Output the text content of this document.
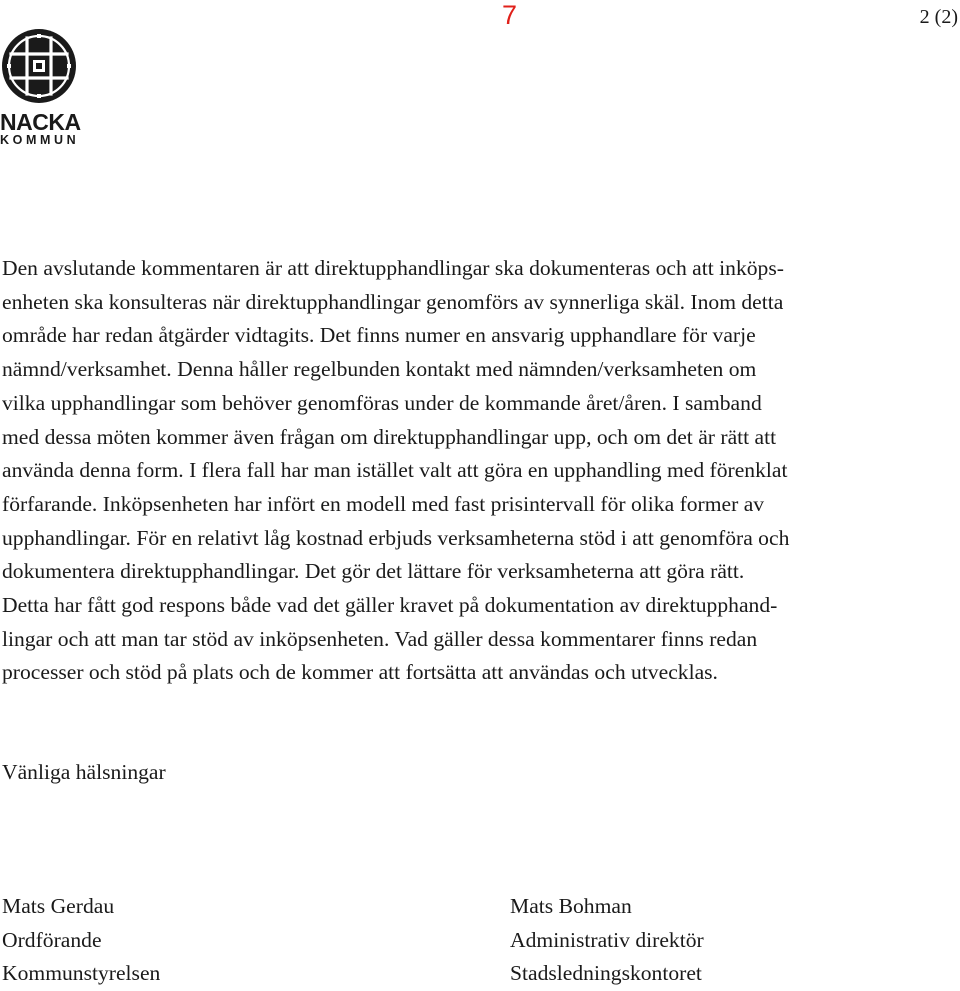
7	2 (2)
NACKA
KOMMUN

Den avslutande kommentaren är att direktupphandlingar ska dokumenteras och att inköps-
enheten ska konsulteras när direktupphandlingar genomförs av synnerliga skäl. Inom detta
område har redan åtgärder vidtagits. Det finns numer en ansvarig upphandlare för varje
nämnd/verksamhet. Denna håller regelbunden kontakt med nämnden/verksamheten om
vilka upphandlingar som behöver genomföras under de kommande året/åren. I samband
med dessa möten kommer även frågan om direktupphandlingar upp, och om det är rätt att
använda denna form. I flera fall har man istället valt att göra en upphandling med förenklat
förfarande. Inköpsenheten har infört en modell med fast prisintervall för olika former av
upphandlingar. För en relativt låg kostnad erbjuds verksamheterna stöd i att genomföra och
dokumentera direktupphandlingar. Det gör det lättare för verksamheterna att göra rätt.
Detta har fått god respons både vad det gäller kravet på dokumentation av direktupphand-
lingar och att man tar stöd av inköpsenheten. Vad gäller dessa kommentarer finns redan
processer och stöd på plats och de kommer att fortsätta att användas och utvecklas.

Vänliga hälsningar
Mats Gerdau
Ordförande
Kommunstyrelsen
Mats Bohman
Administrativ direktör
Stadsledningskontoret
